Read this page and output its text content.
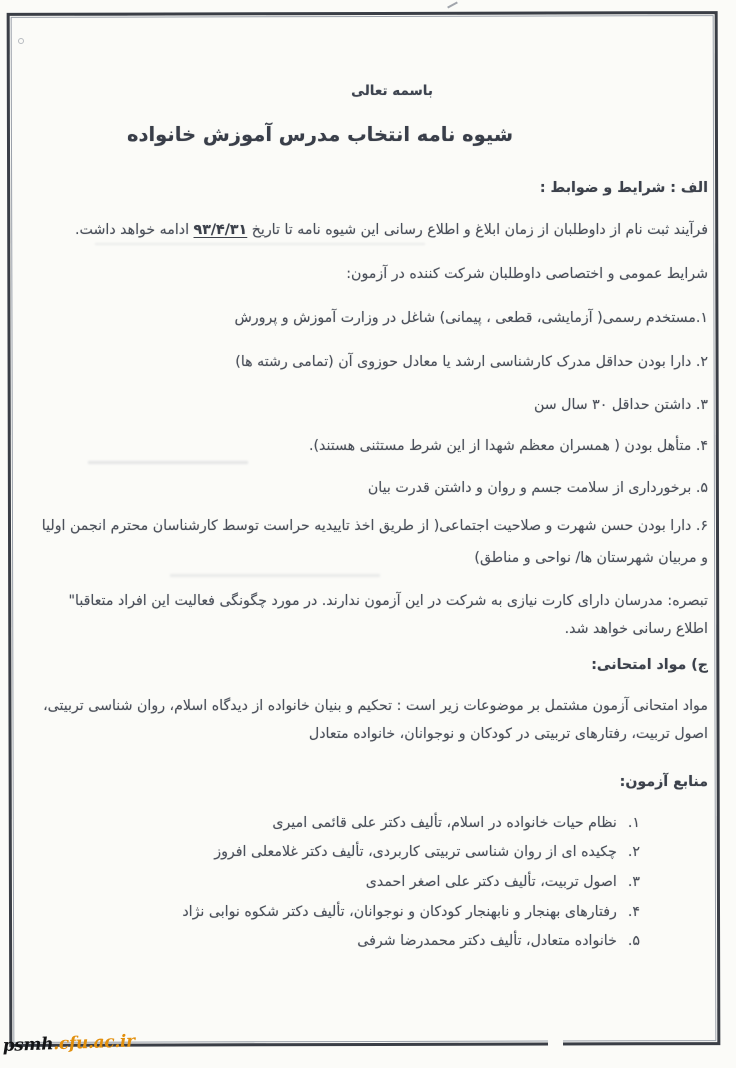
باسمه تعالی
شیوه نامه انتخاب مدرس آموزش خانواده
الف : شرایط و ضوابط :
فرآیند ثبت نام از داوطلبان از زمان ابلاغ و اطلاع رسانی این شیوه نامه تا تاریخ ۹۳/۴/۳۱ ادامه خواهد داشت.
شرایط عمومی و اختصاصی داوطلبان شرکت کننده در آزمون:
۱.مستخدم رسمی( آزمایشی، قطعی ، پیمانی) شاغل در وزارت آموزش و پرورش
۲. دارا بودن حداقل مدرک کارشناسی ارشد یا معادل حوزوی آن (تمامی رشته ها)
۳. داشتن حداقل ۳۰ سال سن
۴. متأهل بودن ( همسران معظم شهدا از این شرط مستثنی هستند).
۵. برخورداری از سلامت جسم و روان و داشتن قدرت بیان
۶. دارا بودن حسن شهرت و صلاحیت اجتماعی( از طریق اخذ تاییدیه حراست توسط کارشناسان محترم انجمن اولیا
و مربیان شهرستان ها/ نواحی و مناطق)
تبصره: مدرسان دارای کارت نیازی به شرکت در این آزمون ندارند. در مورد چگونگی فعالیت این افراد متعاقبا"
اطلاع رسانی خواهد شد.
ج) مواد امتحانی:
مواد امتحانی آزمون مشتمل بر موضوعات زیر است : تحکیم و بنیان خانواده از دیدگاه اسلام، روان شناسی تربیتی،
اصول تربیت، رفتارهای تربیتی در کودکان و نوجوانان، خانواده متعادل
منابع آزمون:
۱.نظام حیات خانواده در اسلام، تألیف دکتر علی قائمی امیری
۲.چکیده ای از روان شناسی تربیتی کاربردی، تألیف دکتر غلامعلی افروز
۳.اصول تربیت، تألیف دکتر علی اصغر احمدی
۴.رفتارهای بهنجار و نابهنجار کودکان و نوجوانان، تألیف دکتر شکوه نوابی نژاد
۵.خانواده متعادل، تألیف دکتر محمدرضا شرفی
psmh.cfu.ac.ir
